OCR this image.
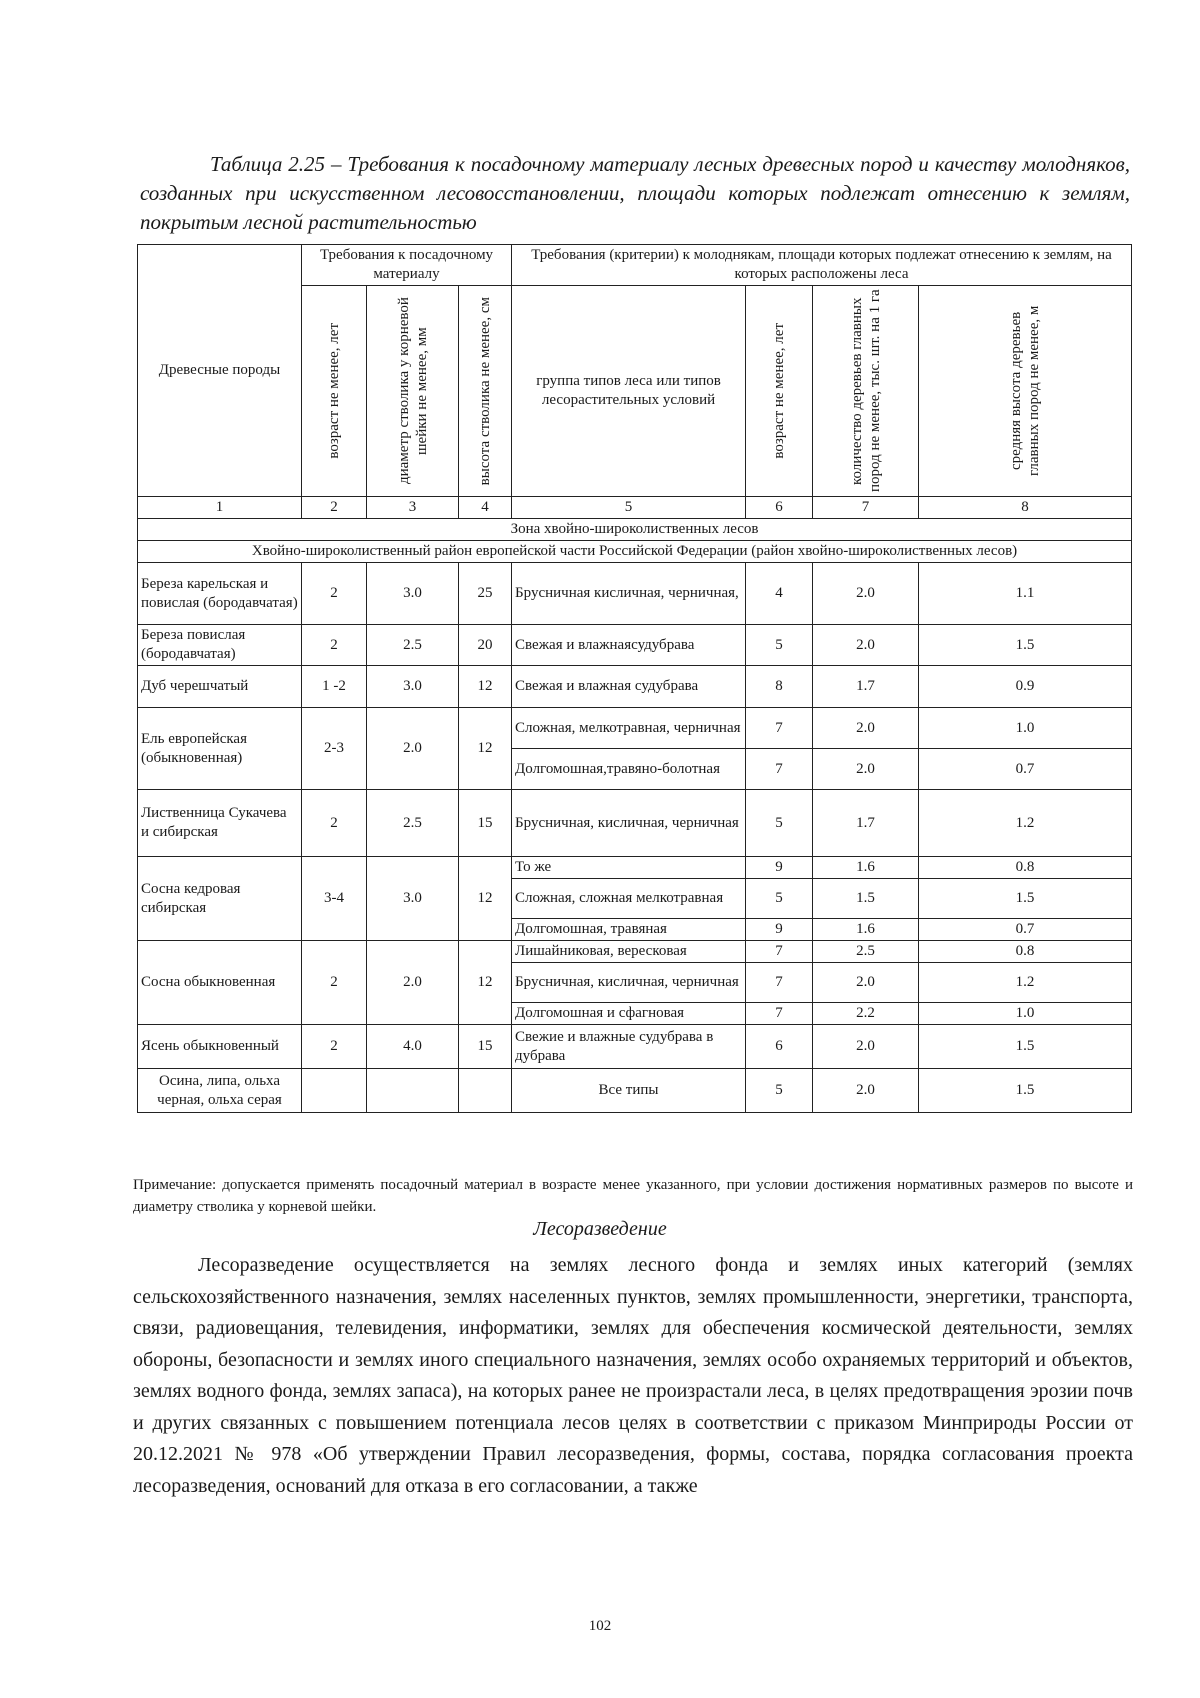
Таблица 2.25 – Требования к посадочному материалу лесных древесных пород и качеству молодняков, созданных при искусственном лесовосстановлении, площади которых подлежат отнесению к землям, покрытым лесной растительностью
Древесные породы	Требования к посадочному материалу			Требования (критерии) к молоднякам, площади которых подлежат отнесению к землям, на которых расположены леса			

	возраст не менее, лет	диаметр стволика у корневой шейки не менее, мм	высота стволика не менее, см	группа типов леса или типов лесорастительных условий	возраст не менее, лет	количество деревьев главных пород не менее, тыс. шт. на 1 га	средняя высота деревьев главных пород не менее, м

1	2	3	4	5	6	7	8
Зона хвойно-широколиственных лесов							
Хвойно-широколиственный район европейской части Российской Федерации (район хвойно-широколиственных лесов)							
Береза карельская и повислая (бородавчатая)	2	3.0	25	Брусничная кисличная, черничная,	4	2.0	1.1
Береза повислая (бородавчатая)	2	2.5	20	Свежая и влажнаясудубрава	5	2.0	1.5
Дуб черешчатый	1 -2	3.0	12	Свежая и влажная судубрава	8	1.7	0.9
Ель европейская (обыкновенная)	2-3	2.0	12	Сложная, мелкотравная, черничная	7	2.0	1.0
				Долгомошная,травяно-болотная	7	2.0	0.7
Лиственница Сукачева и сибирская	2	2.5	15	Брусничная, кисличная, черничная	5	1.7	1.2
Сосна кедровая сибирская	3-4	3.0	12	То же	9	1.6	0.8
				Сложная, сложная мелкотравная	5	1.5	1.5
				Долгомошная, травяная	9	1.6	0.7
Сосна обыкновенная	2	2.0	12	Лишайниковая, вересковая	7	2.5	0.8
				Брусничная, кисличная, черничная	7	2.0	1.2
				Долгомошная и сфагновая	7	2.2	1.0
Ясень обыкновенный	2	4.0	15	Свежие и влажные судубрава в дубрава	6	2.0	1.5
Осина, липа, ольха черная, ольха серая				Все типы	5	2.0	1.5
Примечание: допускается применять посадочный материал в возрасте менее указанного, при условии достижения нормативных размеров по высоте и диаметру стволика у корневой шейки.
Лесоразведение
Лесоразведение осуществляется на землях лесного фонда и землях иных категорий (землях сельскохозяйственного назначения, землях населенных пунктов, землях промышленности, энергетики, транспорта, связи, радиовещания, телевидения, информатики, землях для обеспечения космической деятельности, землях обороны, безопасности и землях иного специального назначения, землях особо охраняемых территорий и объектов, землях водного фонда, землях запаса), на которых ранее не произрастали леса, в целях предотвращения эрозии почв и других связанных с повышением потенциала лесов целях в соответствии с приказом Минприроды России от 20.12.2021 № 978 «Об утверждении Правил лесоразведения, формы, состава, порядка согласования проекта лесоразведения, оснований для отказа в его согласовании, а также
102
